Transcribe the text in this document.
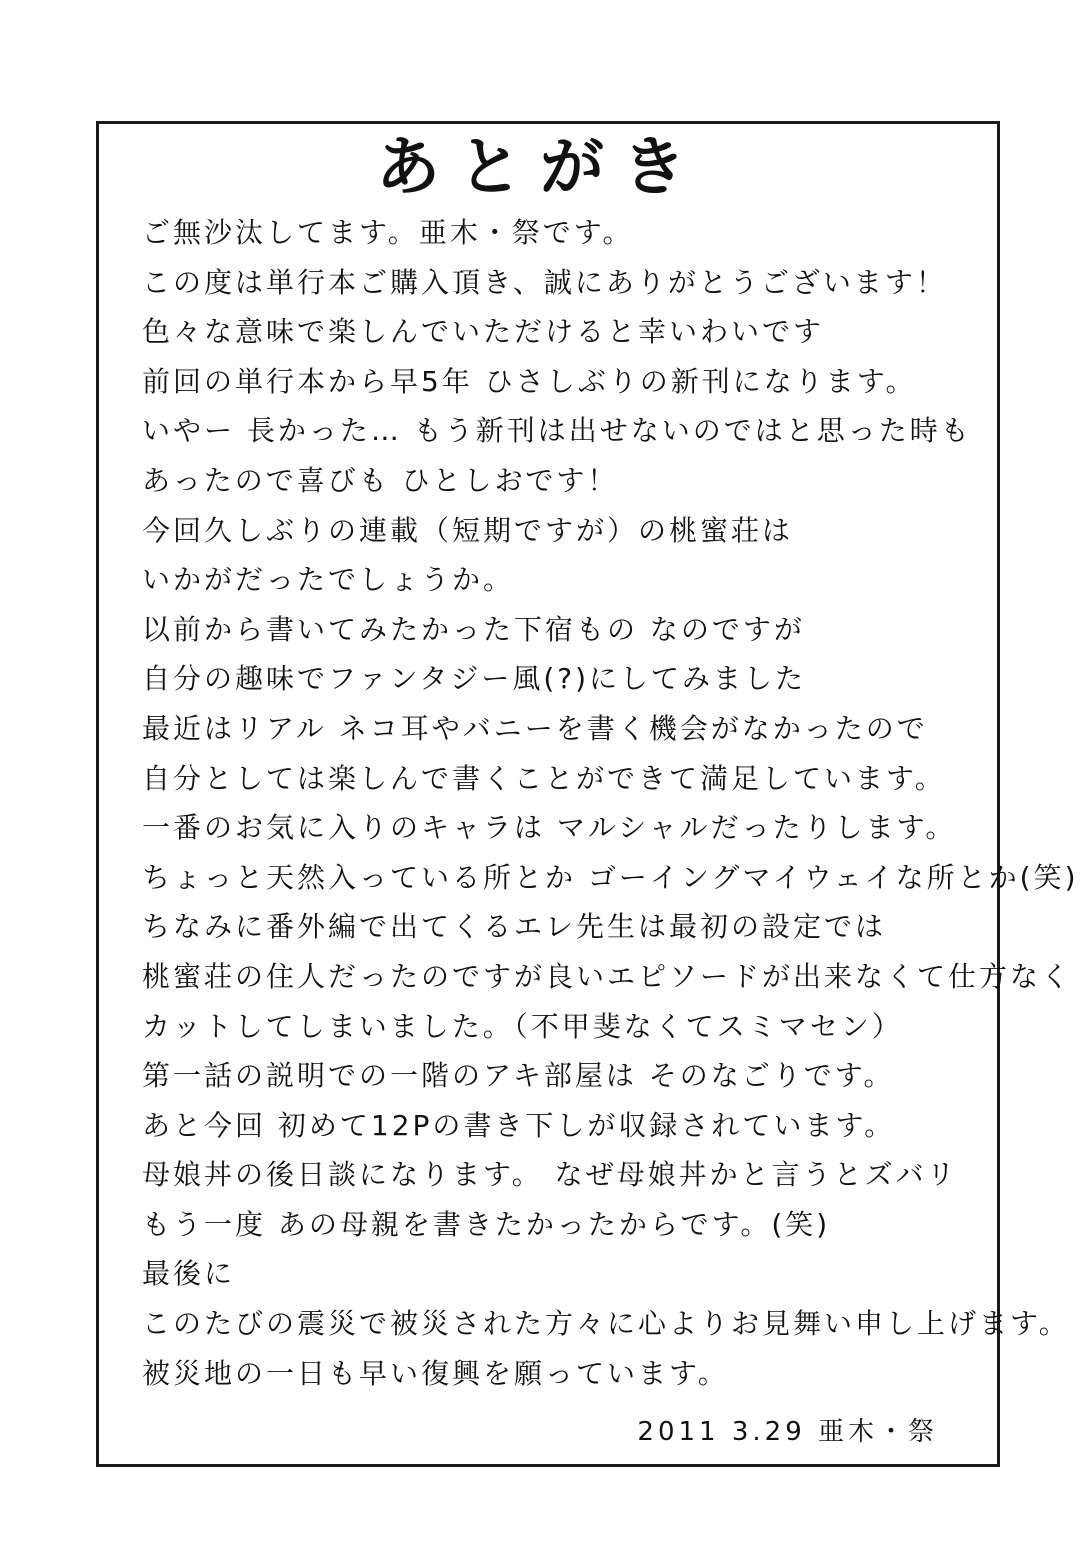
あとがき
ご無沙汰してます。亜木・祭です。
この度は単行本ご購入頂き、誠にありがとうございます！
色々な意味で楽しんでいただけると幸いわいです
前回の単行本から早5年 ひさしぶりの新刊になります。
いやー 長かった… もう新刊は出せないのではと思った時も
あったので喜びも ひとしおです！
今回久しぶりの連載（短期ですが）の桃蜜荘は
いかがだったでしょうか。
以前から書いてみたかった下宿もの なのですが
自分の趣味でファンタジー風(?)にしてみました
最近はリアル ネコ耳やバニーを書く機会がなかったので
自分としては楽しんで書くことができて満足しています。
一番のお気に入りのキャラは マルシャルだったりします。
ちょっと天然入っている所とか ゴーイングマイウェイな所とか(笑)
ちなみに番外編で出てくるエレ先生は最初の設定では
桃蜜荘の住人だったのですが良いエピソードが出来なくて仕方なく
カットしてしまいました。（不甲斐なくてスミマセン）
第一話の説明での一階のアキ部屋は そのなごりです。
あと今回 初めて12Pの書き下しが収録されています。
母娘丼の後日談になります。 なぜ母娘丼かと言うとズバリ
もう一度 あの母親を書きたかったからです。(笑)
最後に
このたびの震災で被災された方々に心よりお見舞い申し上げます。
被災地の一日も早い復興を願っています。
2011 3.29 亜木・祭
